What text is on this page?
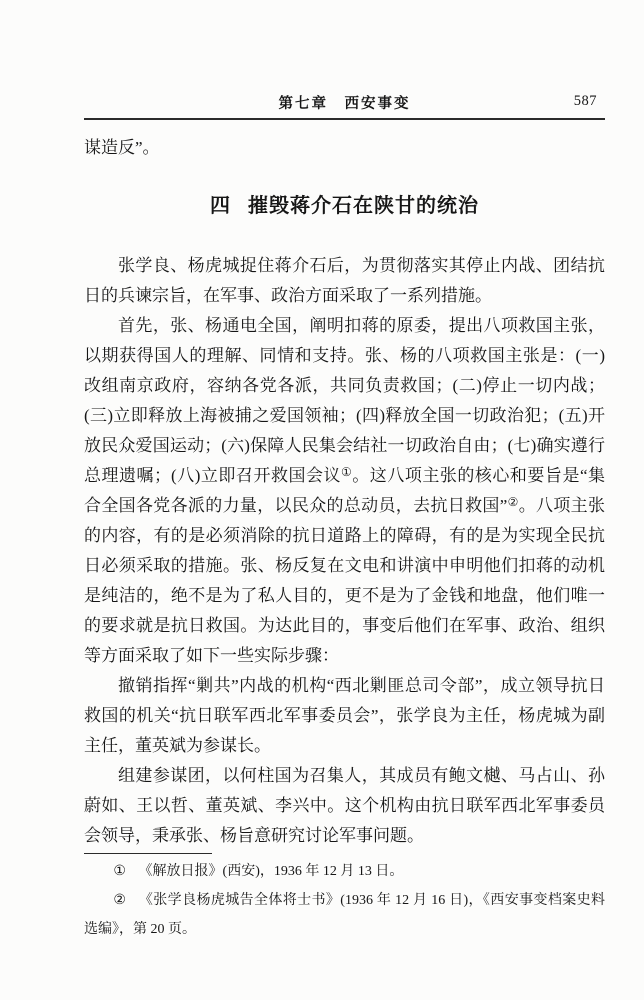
第七章　西安事变	587

谋造反”。

四 摧毁蒋介石在陕甘的统治

张学良、杨虎城捉住蒋介石后，为贯彻落实其停止内战、团结抗日的兵谏宗旨，在军事、政治方面采取了一系列措施。

首先，张、杨通电全国，阐明扣蒋的原委，提出八项救国主张，以期获得国人的理解、同情和支持。张、杨的八项救国主张是：(一)改组南京政府，容纳各党各派，共同负责救国；(二)停止一切内战；(三)立即释放上海被捕之爱国领袖；(四)释放全国一切政治犯；(五)开放民众爱国运动；(六)保障人民集会结社一切政治自由；(七)确实遵行总理遗嘱；(八)立即召开救国会议①。这八项主张的核心和要旨是“集合全国各党各派的力量，以民众的总动员，去抗日救国”②。八项主张的内容，有的是必须消除的抗日道路上的障碍，有的是为实现全民抗日必须采取的措施。张、杨反复在文电和讲演中申明他们扣蒋的动机是纯洁的，绝不是为了私人目的，更不是为了金钱和地盘，他们唯一的要求就是抗日救国。为达此目的，事变后他们在军事、政治、组织等方面采取了如下一些实际步骤：

撤销指挥“剿共”内战的机构“西北剿匪总司令部”，成立领导抗日救国的机关“抗日联军西北军事委员会”，张学良为主任，杨虎城为副主任，董英斌为参谋长。

组建参谋团，以何柱国为召集人，其成员有鲍文樾、马占山、孙蔚如、王以哲、董英斌、李兴中。这个机构由抗日联军西北军事委员会领导，秉承张、杨旨意研究讨论军事问题。

① 《解放日报》(西安)，1936 年 12 月 13 日。

② 《张学良杨虎城告全体将士书》(1936 年 12 月 16 日)，《西安事变档案史料选编》，第 20 页。
